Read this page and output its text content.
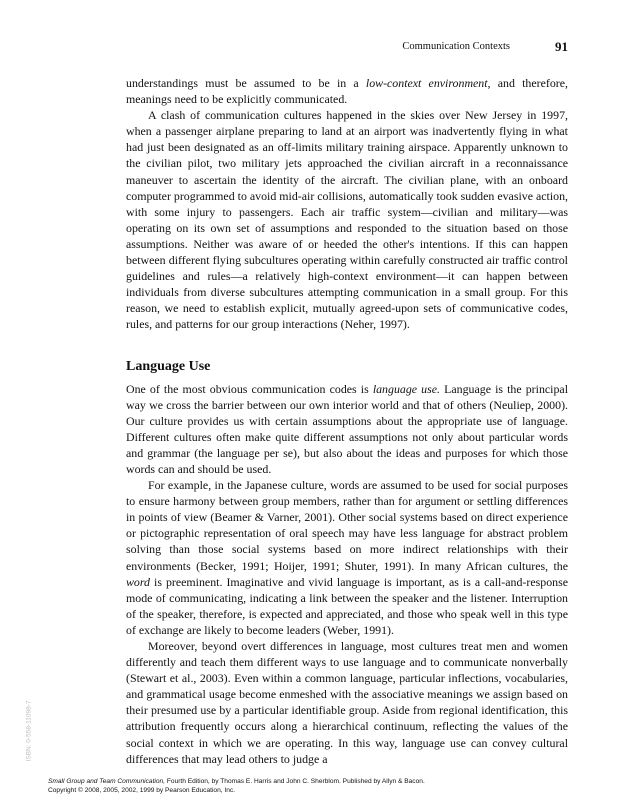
Communication Contexts	91

understandings must be assumed to be in a low-context environment, and therefore, meanings need to be explicitly communicated.

A clash of communication cultures happened in the skies over New Jersey in 1997, when a passenger airplane preparing to land at an airport was inadvertently flying in what had just been designated as an off-limits military training airspace. Apparently unknown to the civilian pilot, two military jets approached the civilian aircraft in a reconnaissance maneuver to ascertain the identity of the aircraft. The civilian plane, with an onboard computer programmed to avoid mid-air collisions, automatically took sudden evasive action, with some injury to passengers. Each air traffic system—civilian and military—was operating on its own set of assumptions and responded to the situation based on those assumptions. Neither was aware of or heeded the other's intentions. If this can happen between different flying subcultures operating within carefully constructed air traffic control guidelines and rules—a relatively high-context environment—it can happen between individuals from diverse subcultures attempting communication in a small group. For this reason, we need to establish explicit, mutually agreed-upon sets of communicative codes, rules, and patterns for our group interactions (Neher, 1997).

Language Use

One of the most obvious communication codes is language use. Language is the principal way we cross the barrier between our own interior world and that of others (Neuliep, 2000). Our culture provides us with certain assumptions about the appropriate use of language. Different cultures often make quite different assumptions not only about particular words and grammar (the language per se), but also about the ideas and purposes for which those words can and should be used.

For example, in the Japanese culture, words are assumed to be used for social purposes to ensure harmony between group members, rather than for argument or settling differences in points of view (Beamer & Varner, 2001). Other social systems based on direct experience or pictographic representation of oral speech may have less language for abstract problem solving than those social systems based on more indirect relationships with their environments (Becker, 1991; Hoijer, 1991; Shuter, 1991). In many African cultures, the word is preeminent. Imaginative and vivid language is important, as is a call-and-response mode of communicating, indicating a link between the speaker and the listener. Interruption of the speaker, therefore, is expected and appreciated, and those who speak well in this type of exchange are likely to become leaders (Weber, 1991).

Moreover, beyond overt differences in language, most cultures treat men and women differently and teach them different ways to use language and to communicate nonverbally (Stewart et al., 2003). Even within a common language, particular inflections, vocabularies, and grammatical usage become enmeshed with the associative meanings we assign based on their presumed use by a particular identifiable group. Aside from regional identification, this attribution frequently occurs along a hierarchical continuum, reflecting the values of the social context in which we are operating. In this way, language use can convey cultural differences that may lead others to judge a

ISBN: 0-558-11098-7
Small Group and Team Communication, Fourth Edition, by Thomas E. Harris and John C. Sherblom. Published by Allyn & Bacon.
Copyright © 2008, 2005, 2002, 1999 by Pearson Education, Inc.
